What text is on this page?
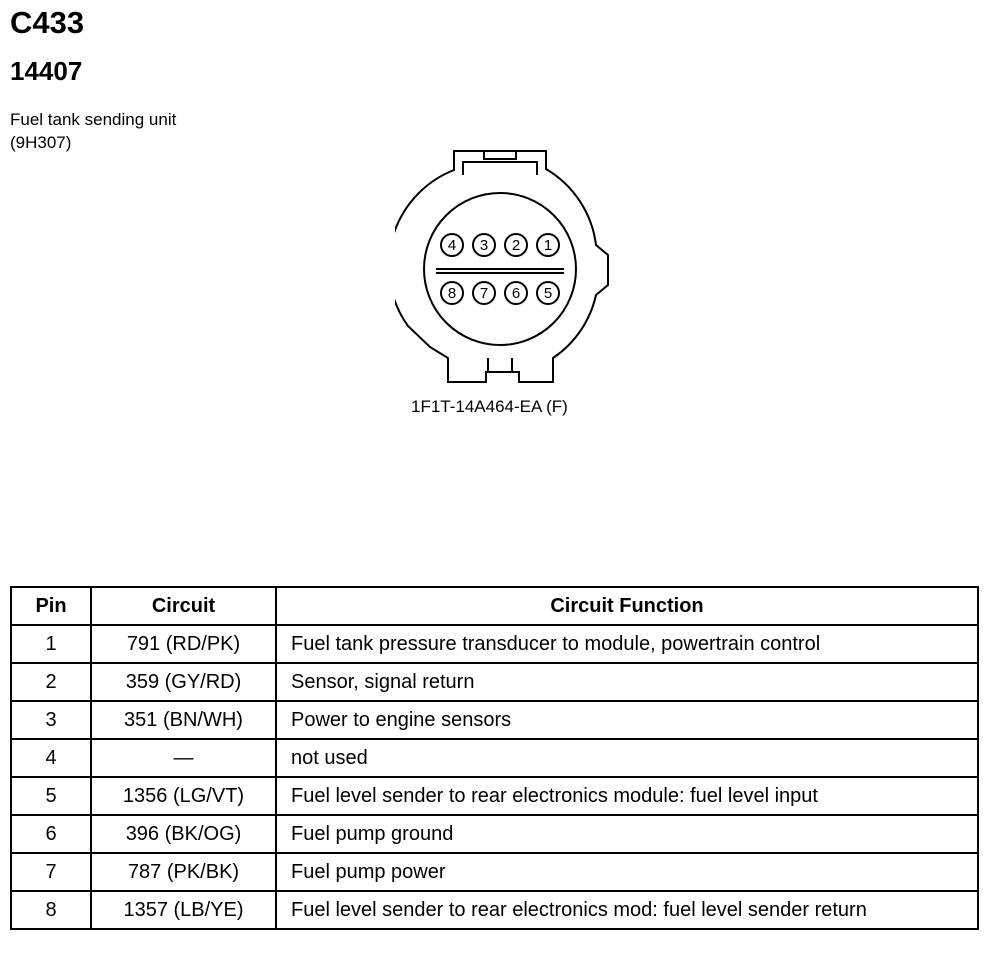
C433
14407
Fuel tank sending unit
(9H307)
4 3 2 1
8 7 6 5
1F1T-14A464-EA (F)
Pin	Circuit	Circuit Function
1	791 (RD/PK)	Fuel tank pressure transducer to module, powertrain control
2	359 (GY/RD)	Sensor, signal return
3	351 (BN/WH)	Power to engine sensors
4	—	not used
5	1356 (LG/VT)	Fuel level sender to rear electronics module: fuel level input
6	396 (BK/OG)	Fuel pump ground
7	787 (PK/BK)	Fuel pump power
8	1357 (LB/YE)	Fuel level sender to rear electronics mod: fuel level sender return
